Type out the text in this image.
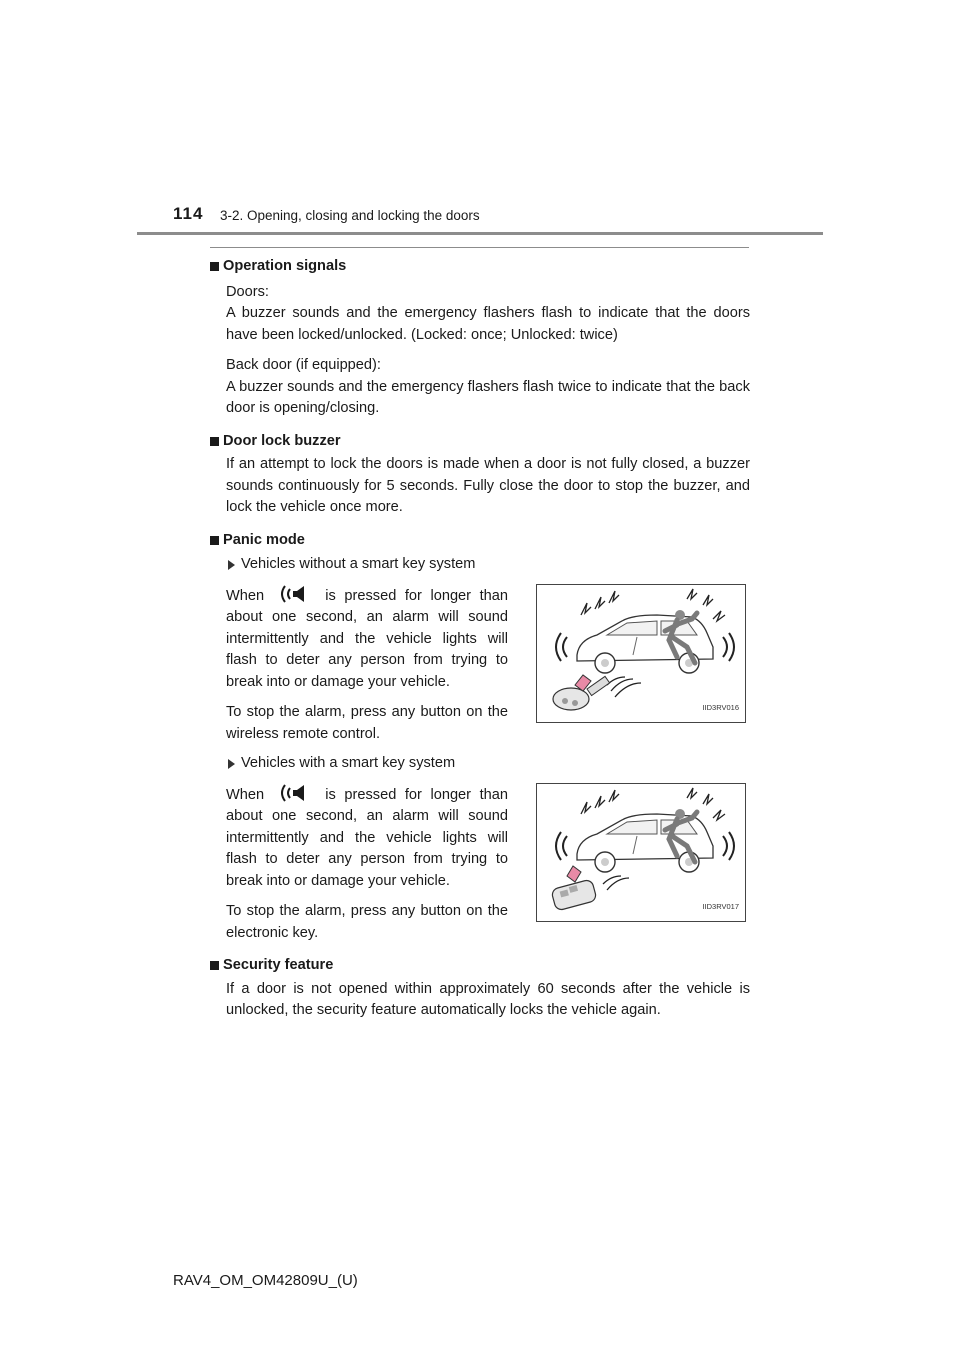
114 3-2. Opening, closing and locking the doors

Operation signals

Doors:

A buzzer sounds and the emergency flashers flash to indicate that the doors have been locked/unlocked. (Locked: once; Unlocked: twice)

Back door (if equipped):

A buzzer sounds and the emergency flashers flash twice to indicate that the back door is opening/closing.

Door lock buzzer

If an attempt to lock the doors is made when a door is not fully closed, a buzzer sounds continuously for 5 seconds. Fully close the door to stop the buzzer, and lock the vehicle once more.

Panic mode

Vehicles without a smart key system

When	is pressed for longer than about one second, an alarm will sound intermittently and the vehicle lights will flash to deter any person from trying to break into or damage your vehicle.

To stop the alarm, press any button on the wireless remote control.

IID3RV016
Vehicles with a smart key system

When	is pressed for longer than about one second, an alarm will sound intermittently and the vehicle lights will flash to deter any person from trying to break into or damage your vehicle.

To stop the alarm, press any button on the electronic key.

IID3RV017

Security feature

If a door is not opened within approximately 60 seconds after the vehicle is unlocked, the security feature automatically locks the vehicle again.

RAV4_OM_OM42809U_(U)
